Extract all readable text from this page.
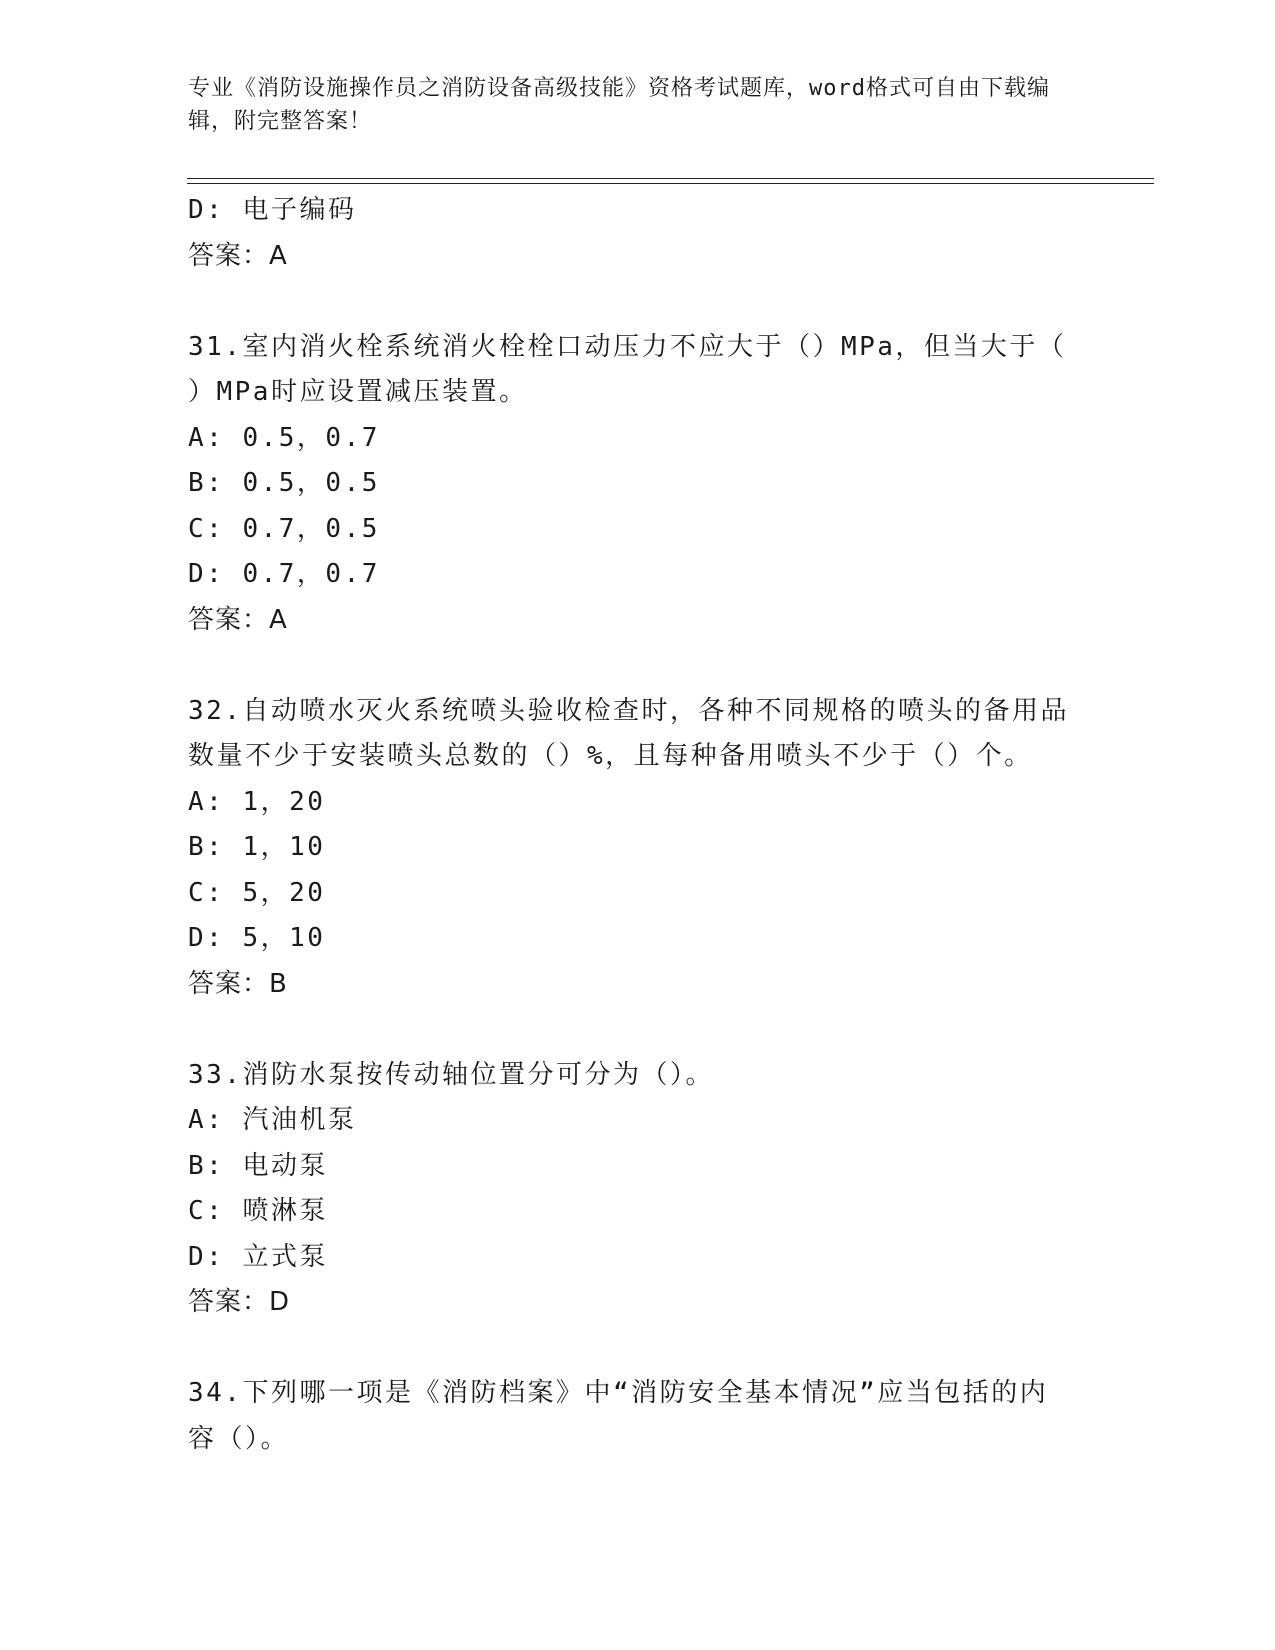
专业《消防设施操作员之消防设备高级技能》资格考试题库，word格式可自由下载编辑，附完整答案！
D: 电子编码
答案：A
31.室内消火栓系统消火栓栓口动压力不应大于（）MPa，但当大于（
）MPa时应设置减压装置。
A: 0.5，0.7
B: 0.5，0.5
C: 0.7，0.5
D: 0.7，0.7
答案：A
32.自动喷水灭火系统喷头验收检查时，各种不同规格的喷头的备用品
数量不少于安装喷头总数的（）%，且每种备用喷头不少于（）个。
A: 1，20
B: 1，10
C: 5，20
D: 5，10
答案：B
33.消防水泵按传动轴位置分可分为（）。
A: 汽油机泵
B: 电动泵
C: 喷淋泵
D: 立式泵
答案：D
34.下列哪一项是《消防档案》中“消防安全基本情况”应当包括的内
容（）。
